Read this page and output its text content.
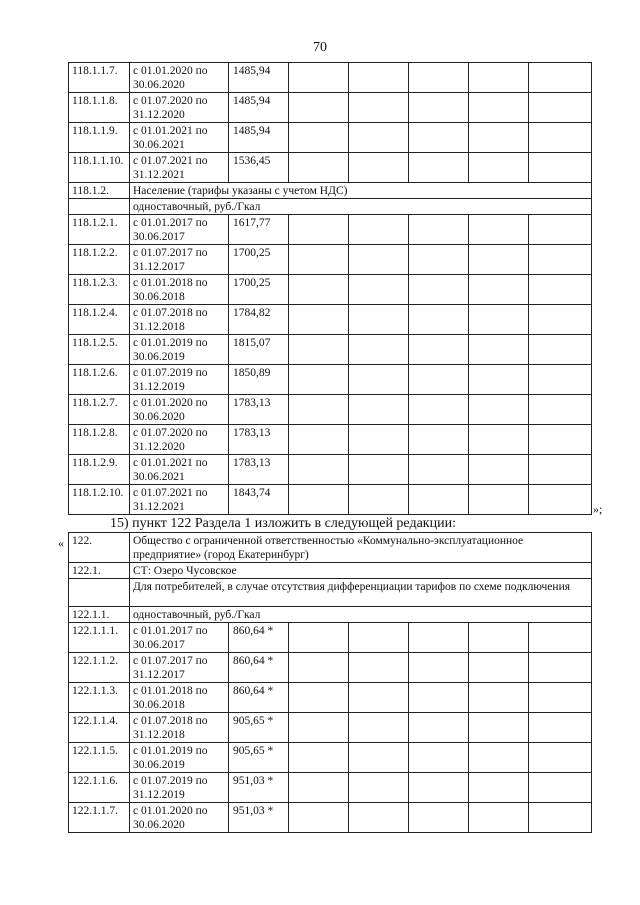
70
118.1.1.7.	с 01.01.2020 по 30.06.2020	1485,94					
118.1.1.8.	с 01.07.2020 по 31.12.2020	1485,94					
118.1.1.9.	с 01.01.2021 по 30.06.2021	1485,94					
118.1.1.10.	с 01.07.2021 по 31.12.2021	1536,45					
118.1.2.	Население (тарифы указаны с учетом НДС)						
	одноставочный, руб./Гкал						
118.1.2.1.	с 01.01.2017 по 30.06.2017	1617,77					
118.1.2.2.	с 01.07.2017 по 31.12.2017	1700,25					
118.1.2.3.	с 01.01.2018 по 30.06.2018	1700,25					
118.1.2.4.	с 01.07.2018 по 31.12.2018	1784,82					
118.1.2.5.	с 01.01.2019 по 30.06.2019	1815,07					
118.1.2.6.	с 01.07.2019 по 31.12.2019	1850,89					
118.1.2.7.	с 01.01.2020 по 30.06.2020	1783,13					
118.1.2.8.	с 01.07.2020 по 31.12.2020	1783,13					
118.1.2.9.	с 01.01.2021 по 30.06.2021	1783,13					
118.1.2.10.	с 01.07.2021 по 31.12.2021	1843,74					
»;
15) пункт 122 Раздела 1 изложить в следующей редакции:
« 122.	Общество с ограниченной ответственностью «Коммунально-эксплуатационное предприятие» (город Екатеринбург)						
122.1.	СТ: Озеро Чусовское						
	Для потребителей, в случае отсутствия дифференциации тарифов по схеме подключения						
122.1.1.	одноставочный, руб./Гкал						
122.1.1.1.	с 01.01.2017 по 30.06.2017	860,64 *					
122.1.1.2.	с 01.07.2017 по 31.12.2017	860,64 *					
122.1.1.3.	с 01.01.2018 по 30.06.2018	860,64 *					
122.1.1.4.	с 01.07.2018 по 31.12.2018	905,65 *					
122.1.1.5.	с 01.01.2019 по 30.06.2019	905,65 *					
122.1.1.6.	с 01.07.2019 по 31.12.2019	951,03 *					
122.1.1.7.	с 01.01.2020 по 30.06.2020	951,03 *					
